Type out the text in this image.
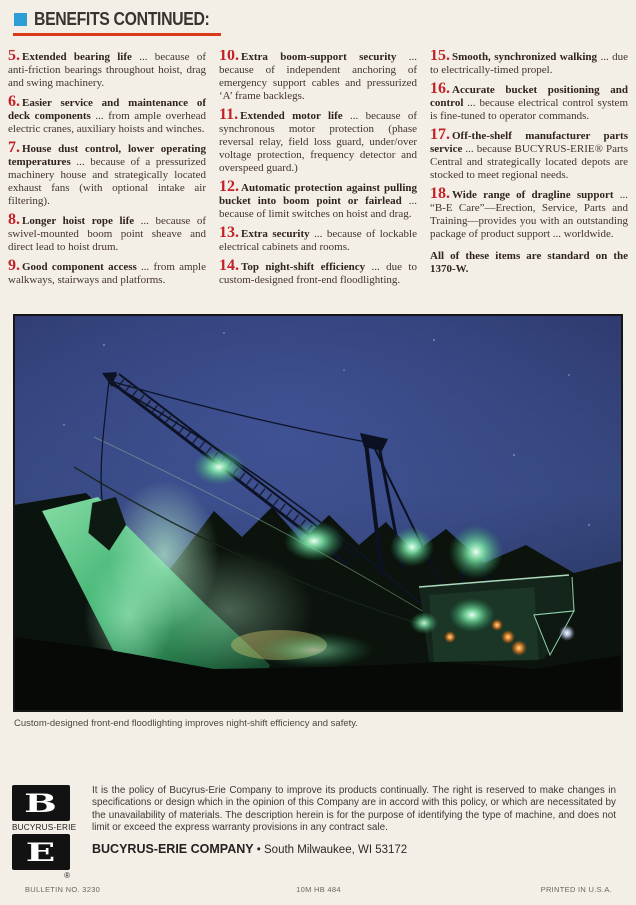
BENEFITS CONTINUED:

5. Extended bearing life ... because of anti-friction bearings throughout hoist, drag and swing machinery.

6. Easier service and maintenance of deck components ... from ample overhead electric cranes, auxiliary hoists and winches.

7. House dust control, lower operating temperatures ... because of a pressurized machinery house and strategically located exhaust fans (with optional intake air filtering).

8. Longer hoist rope life ... because of swivel-mounted boom point sheave and direct lead to hoist drum.

9. Good component access ... from ample walkways, stairways and platforms.

10. Extra boom-support security ... because of independent anchoring of emergency support cables and pressurized ‘A’ frame backlegs.

11. Extended motor life ... because of synchronous motor protection (phase reversal relay, field loss guard, under/over voltage protection, frequency detector and overspeed guard.)

12. Automatic protection against pulling bucket into boom point or fairlead ... because of limit switches on hoist and drag.

13. Extra security ... because of lockable electrical cabinets and rooms.

14. Top night-shift efficiency ... due to custom-designed front-end floodlighting.

15. Smooth, synchronized walking ... due to electrically-timed propel.

16. Accurate bucket positioning and control ... because electrical control system is fine-tuned to operator commands.

17. Off-the-shelf manufacturer parts service ... because BUCYRUS-ERIE® Parts Central and strategically located depots are stocked to meet regional needs.

18. Wide range of dragline support ... “B-E Care”—Erection, Service, Parts and Training—provides you with an outstanding package of product support ... worldwide.

All of these items are standard on the 1370-W.

Custom-designed front-end floodlighting improves night-shift efficiency and safety.
B
BUCYRUS-ERIE
E
®

It is the policy of Bucyrus-Erie Company to improve its products continually. The right is reserved to make changes in specifications or design which in the opinion of this Company are in accord with this policy, or which are necessitated by the unavailability of materials. The description herein is for the purpose of identifying the type of machine, and does not limit or exceed the express warranty provisions in any contract sale.

BUCYRUS-ERIE COMPANY • South Milwaukee, WI 53172

BULLETIN NO. 3230	10M HB 484	PRINTED IN U.S.A.
